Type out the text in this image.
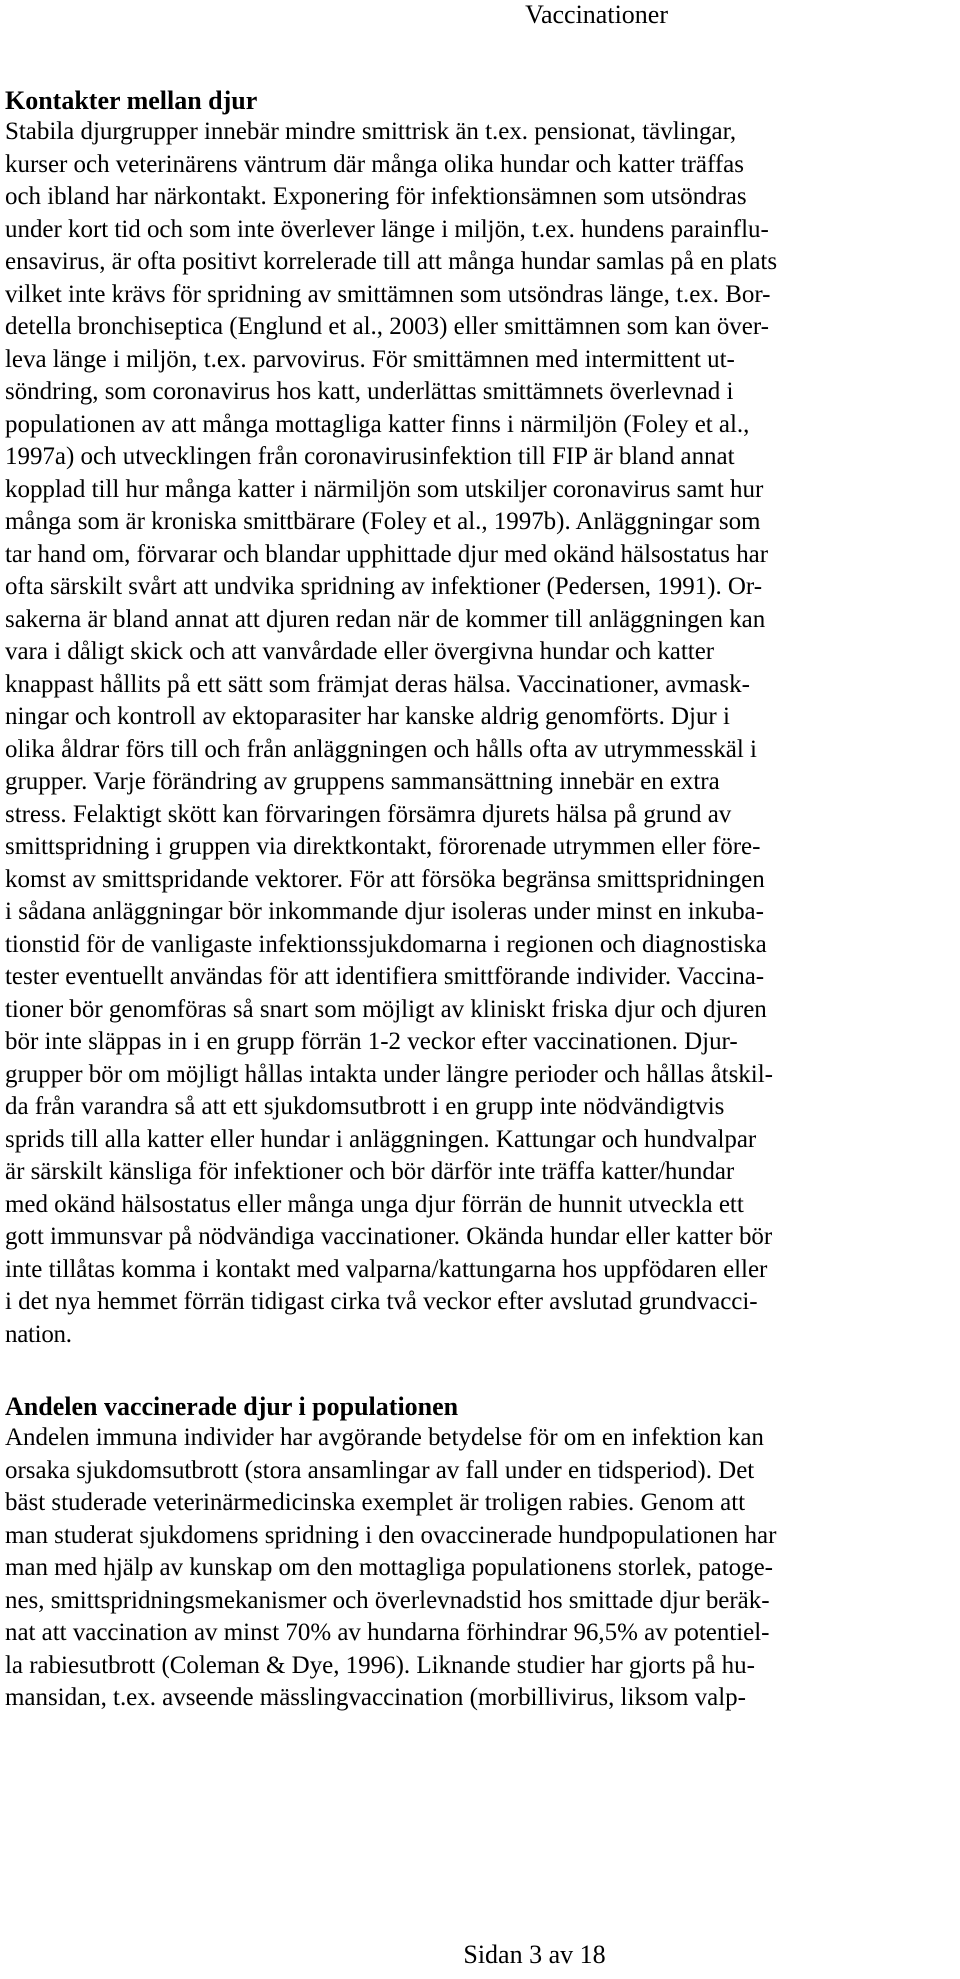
Vaccinationer
Kontakter mellan djur

Stabila djurgrupper innebär mindre smittrisk än t.ex. pensionat, tävlingar,
kurser och veterinärens väntrum där många olika hundar och katter träffas
och ibland har närkontakt. Exponering för infektionsämnen som utsöndras
under kort tid och som inte överlever länge i miljön, t.ex. hundens parainflu-
ensavirus, är ofta positivt korrelerade till att många hundar samlas på en plats
vilket inte krävs för spridning av smittämnen som utsöndras länge, t.ex. Bor-
detella bronchiseptica (Englund et al., 2003) eller smittämnen som kan över-
leva länge i miljön, t.ex. parvovirus. För smittämnen med intermittent ut-
söndring, som coronavirus hos katt, underlättas smittämnets överlevnad i
populationen av att många mottagliga katter finns i närmiljön (Foley et al.,
1997a) och utvecklingen från coronavirusinfektion till FIP är bland annat
kopplad till hur många katter i närmiljön som utskiljer coronavirus samt hur
många som är kroniska smittbärare (Foley et al., 1997b). Anläggningar som
tar hand om, förvarar och blandar upphittade djur med okänd hälsostatus har
ofta särskilt svårt att undvika spridning av infektioner (Pedersen, 1991). Or-
sakerna är bland annat att djuren redan när de kommer till anläggningen kan
vara i dåligt skick och att vanvårdade eller övergivna hundar och katter
knappast hållits på ett sätt som främjat deras hälsa. Vaccinationer, avmask-
ningar och kontroll av ektoparasiter har kanske aldrig genomförts. Djur i
olika åldrar förs till och från anläggningen och hålls ofta av utrymmesskäl i
grupper. Varje förändring av gruppens sammansättning innebär en extra
stress. Felaktigt skött kan förvaringen försämra djurets hälsa på grund av
smittspridning i gruppen via direktkontakt, förorenade utrymmen eller före-
komst av smittspridande vektorer. För att försöka begränsa smittspridningen
i sådana anläggningar bör inkommande djur isoleras under minst en inkuba-
tionstid för de vanligaste infektionssjukdomarna i regionen och diagnostiska
tester eventuellt användas för att identifiera smittförande individer. Vaccina-
tioner bör genomföras så snart som möjligt av kliniskt friska djur och djuren
bör inte släppas in i en grupp förrän 1-2 veckor efter vaccinationen. Djur-
grupper bör om möjligt hållas intakta under längre perioder och hållas åtskil-
da från varandra så att ett sjukdomsutbrott i en grupp inte nödvändigtvis
sprids till alla katter eller hundar i anläggningen. Kattungar och hundvalpar
är särskilt känsliga för infektioner och bör därför inte träffa katter/hundar
med okänd hälsostatus eller många unga djur förrän de hunnit utveckla ett
gott immunsvar på nödvändiga vaccinationer. Okända hundar eller katter bör
inte tillåtas komma i kontakt med valparna/kattungarna hos uppfödaren eller
i det nya hemmet förrän tidigast cirka två veckor efter avslutad grundvacci-
nation.

Andelen vaccinerade djur i populationen

Andelen immuna individer har avgörande betydelse för om en infektion kan
orsaka sjukdomsutbrott (stora ansamlingar av fall under en tidsperiod). Det
bäst studerade veterinärmedicinska exemplet är troligen rabies. Genom att
man studerat sjukdomens spridning i den ovaccinerade hundpopulationen har
man med hjälp av kunskap om den mottagliga populationens storlek, patoge-
nes, smittspridningsmekanismer och överlevnadstid hos smittade djur beräk-
nat att vaccination av minst 70% av hundarna förhindrar 96,5% av potentiel-
la rabiesutbrott (Coleman & Dye, 1996). Liknande studier har gjorts på hu-
mansidan, t.ex. avseende mässlingvaccination (morbillivirus, liksom valp-

Sidan 3 av 18
